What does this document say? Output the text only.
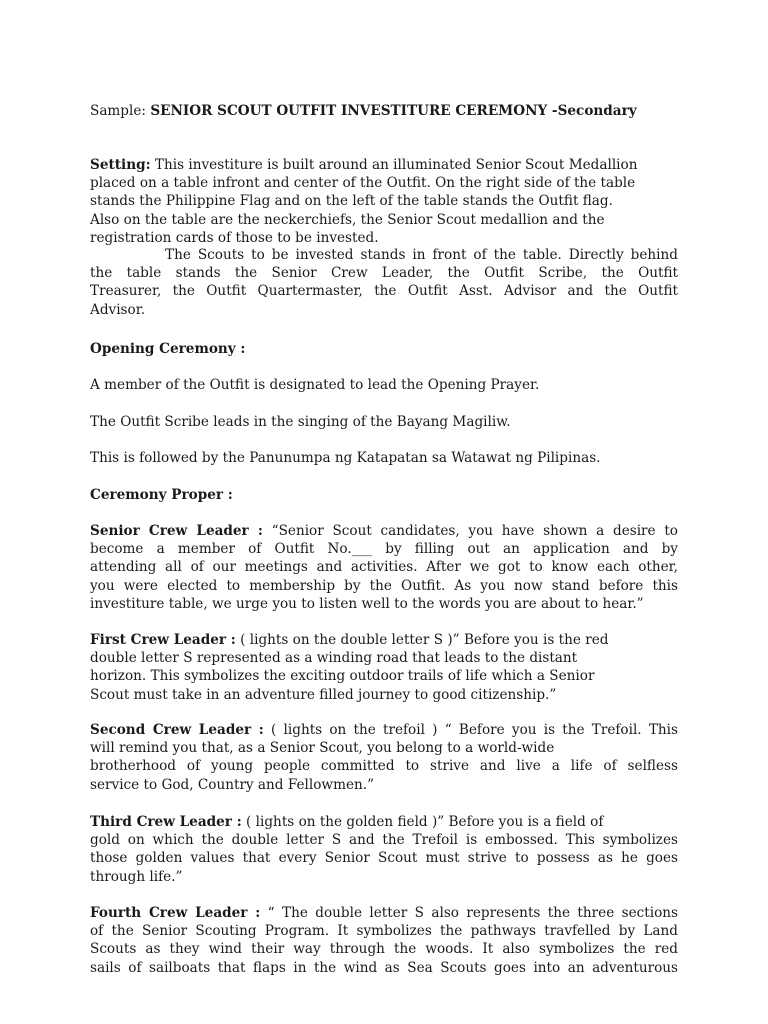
Sample: SENIOR SCOUT OUTFIT INVESTITURE CEREMONY -Secondary

Setting: This investiture is built around an illuminated Senior Scout Medallion
placed on a table infront and center of the Outfit. On the right side of the table
stands the Philippine Flag and on the left of the table stands the Outfit flag.
Also on the table are the neckerchiefs, the Senior Scout medallion and the
registration cards of those to be invested.

The Scouts to be invested stands in front of the table. Directly behind
the table stands the Senior Crew Leader, the Outfit Scribe, the Outfit
Treasurer, the Outfit Quartermaster, the Outfit Asst. Advisor and the Outfit
Advisor.

Opening Ceremony :

A member of the Outfit is designated to lead the Opening Prayer.

The Outfit Scribe leads in the singing of the Bayang Magiliw.

This is followed by the Panunumpa ng Katapatan sa Watawat ng Pilipinas.

Ceremony Proper :

Senior Crew Leader : “Senior Scout candidates, you have shown a desire to
become a member of Outfit No.___ by filling out an application and by
attending all of our meetings and activities. After we got to know each other,
you were elected to membership by the Outfit. As you now stand before this
investiture table, we urge you to listen well to the words you are about to hear.”

First Crew Leader : ( lights on the double letter S )” Before you is the red
double letter S represented as a winding road that leads to the distant
horizon. This symbolizes the exciting outdoor trails of life which a Senior
Scout must take in an adventure filled journey to good citizenship.”

Second Crew Leader : ( lights on the trefoil ) “ Before you is the Trefoil. This
will remind you that, as a Senior Scout, you belong to a world-wide
brotherhood of young people committed to strive and live a life of selfless
service to God, Country and Fellowmen.”

Third Crew Leader : ( lights on the golden field )” Before you is a field of
gold on which the double letter S and the Trefoil is embossed. This symbolizes
those golden values that every Senior Scout must strive to possess as he goes
through life.”

Fourth Crew Leader : “ The double letter S also represents the three sections
of the Senior Scouting Program. It symbolizes the pathways travfelled by Land
Scouts as they wind their way through the woods. It also symbolizes the red
sails of sailboats that flaps in the wind as Sea Scouts goes into an adventurous
